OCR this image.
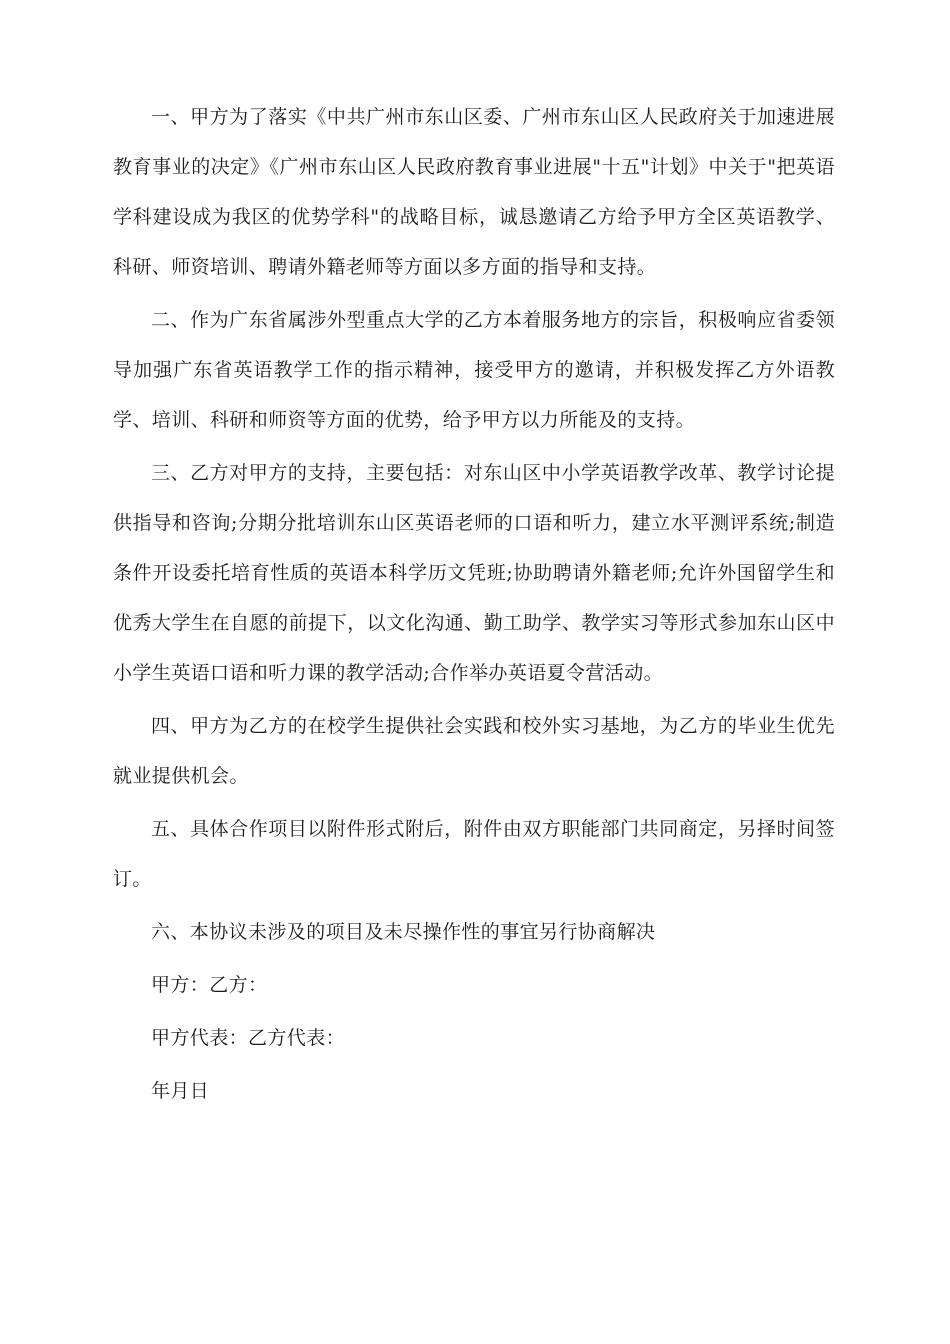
一、甲方为了落实《中共广州市东山区委、广州市东山区人民政府关于加速进展教育事业的决定》《广州市东山区人民政府教育事业进展"十五"计划》中关于"把英语学科建设成为我区的优势学科"的战略目标，诚恳邀请乙方给予甲方全区英语教学、科研、师资培训、聘请外籍老师等方面以多方面的指导和支持。

二、作为广东省属涉外型重点大学的乙方本着服务地方的宗旨，积极响应省委领导加强广东省英语教学工作的指示精神，接受甲方的邀请，并积极发挥乙方外语教学、培训、科研和师资等方面的优势，给予甲方以力所能及的支持。

三、乙方对甲方的支持，主要包括：对东山区中小学英语教学改革、教学讨论提供指导和咨询;分期分批培训东山区英语老师的口语和听力，建立水平测评系统;制造条件开设委托培育性质的英语本科学历文凭班;协助聘请外籍老师;允许外国留学生和优秀大学生在自愿的前提下，以文化沟通、勤工助学、教学实习等形式参加东山区中小学生英语口语和听力课的教学活动;合作举办英语夏令营活动。

四、甲方为乙方的在校学生提供社会实践和校外实习基地，为乙方的毕业生优先就业提供机会。

五、具体合作项目以附件形式附后，附件由双方职能部门共同商定，另择时间签订。

六、本协议未涉及的项目及未尽操作性的事宜另行协商解决

甲方：乙方：

甲方代表：乙方代表：

年月日
